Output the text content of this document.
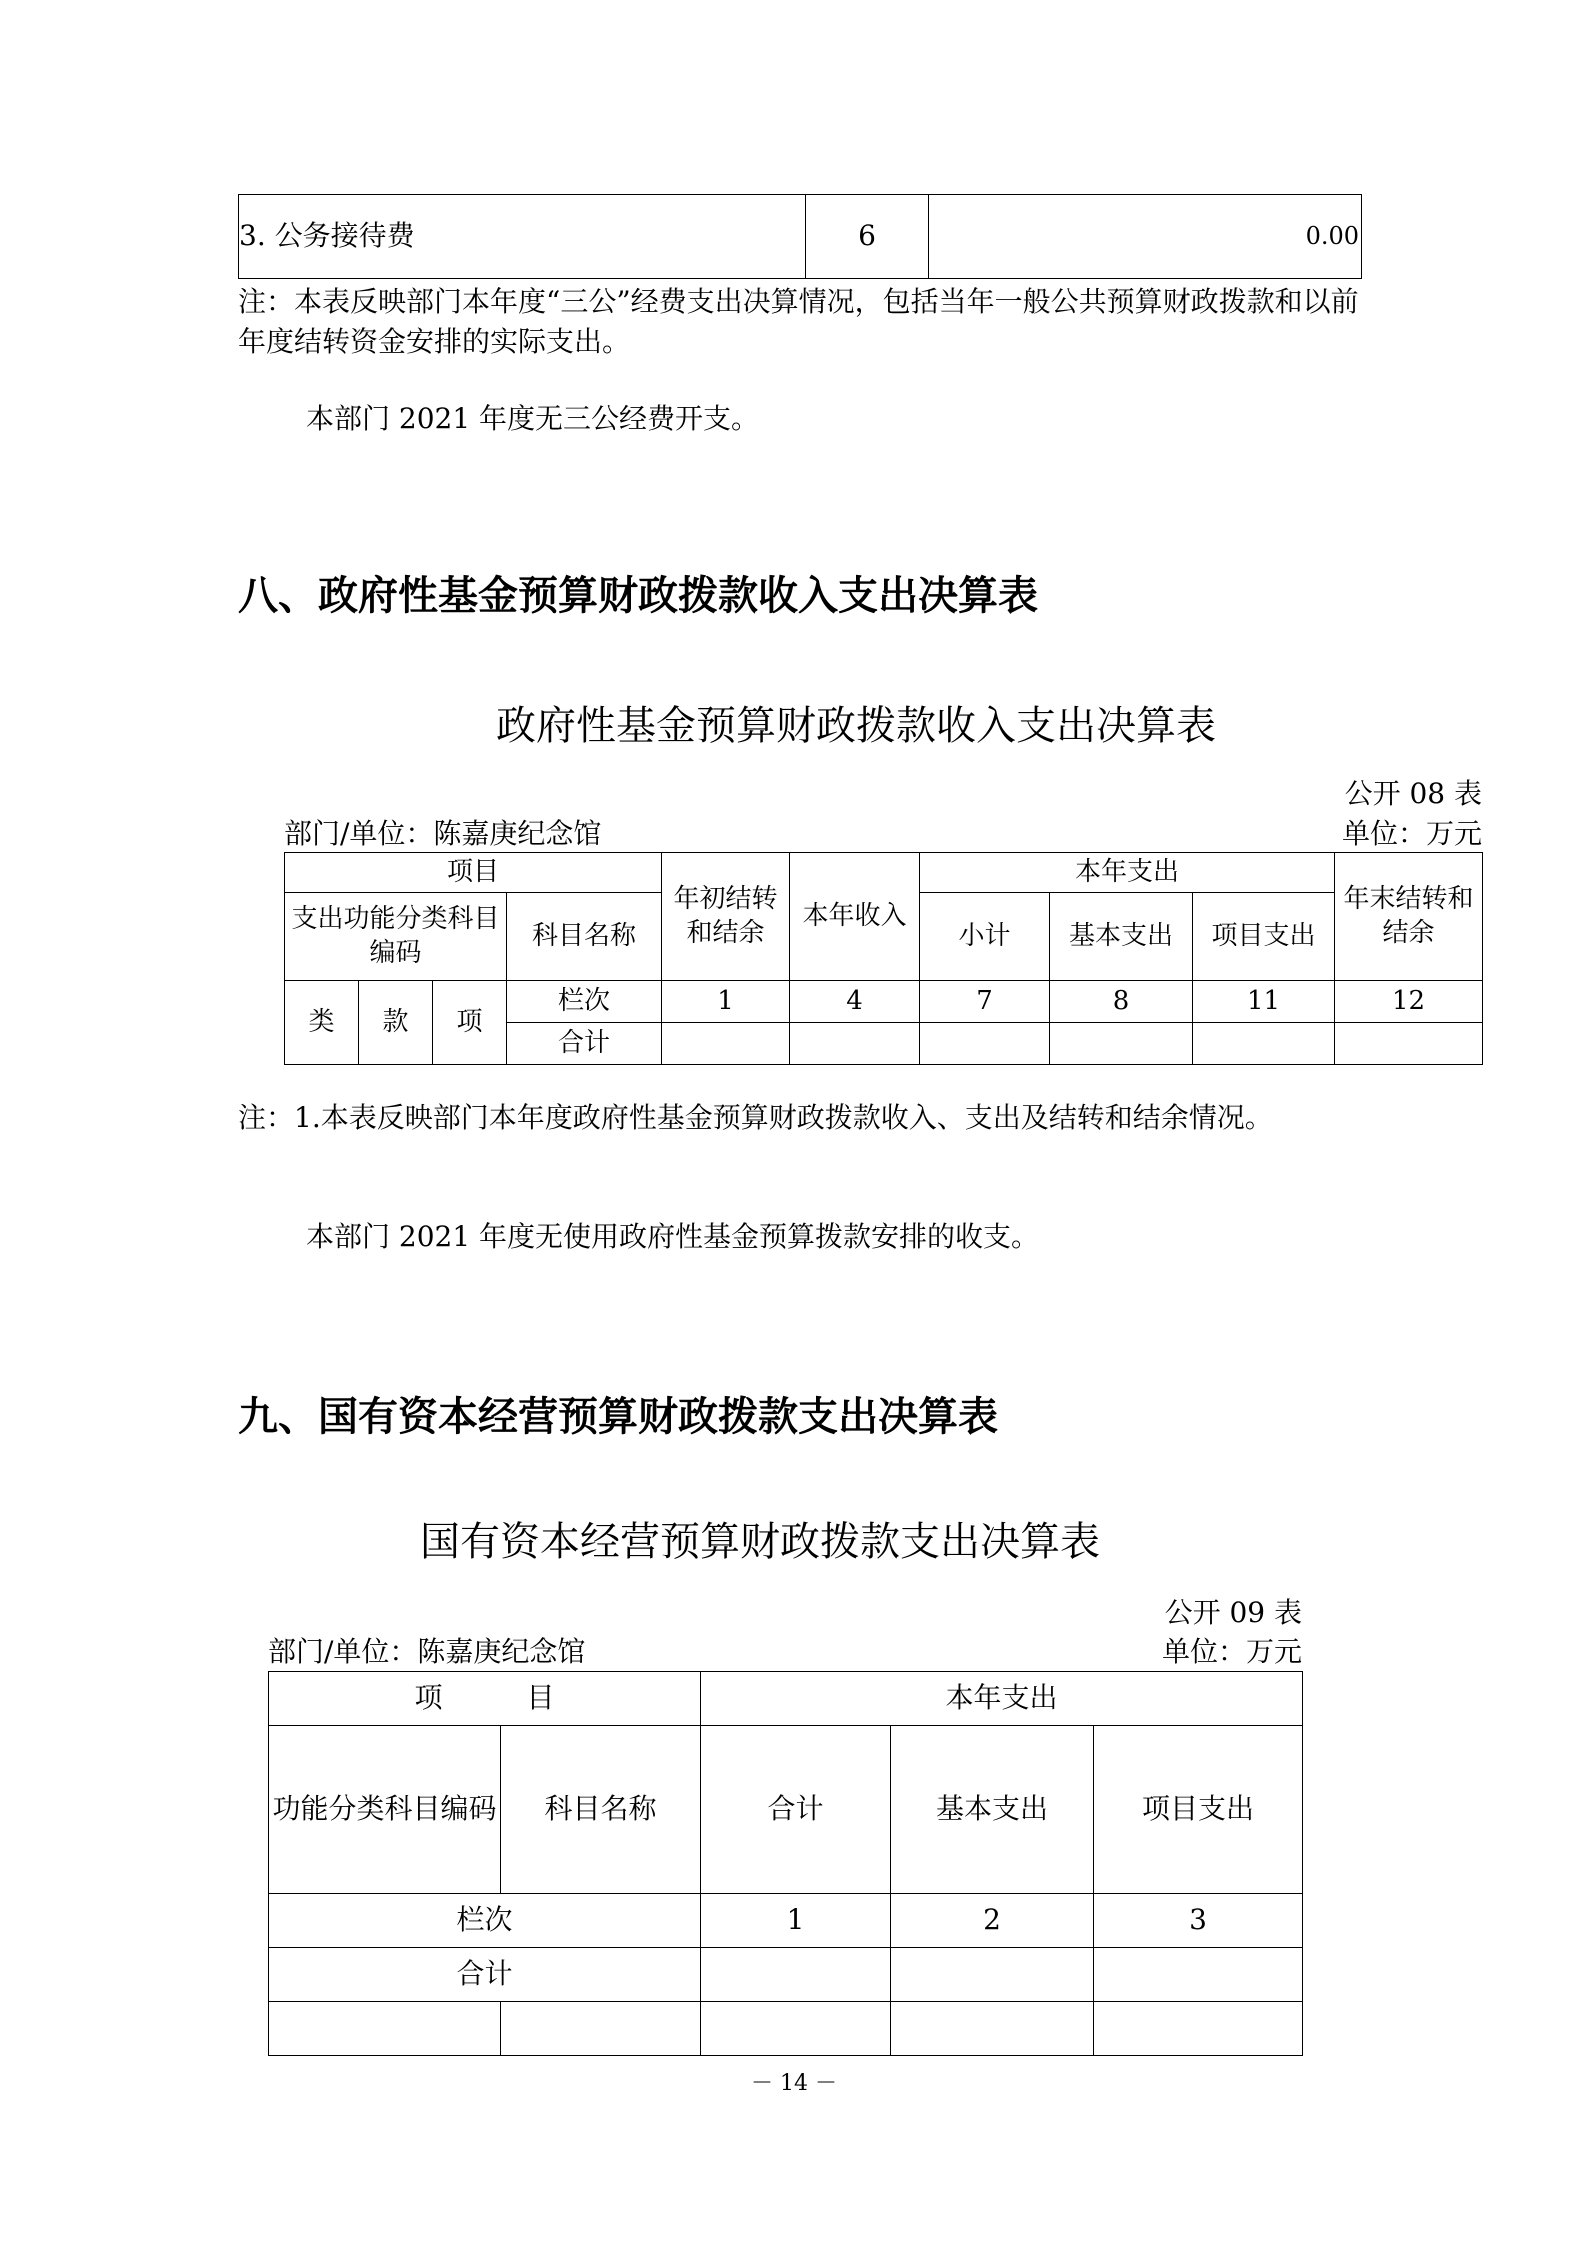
3. 公务接待费	6	0.00
注：本表反映部门本年度“三公”经费支出决算情况，包括当年一般公共预算财政拨款和以前年度结转资金安排的实际支出。
本部门 2021 年度无三公经费开支。
八、政府性基金预算财政拨款收入支出决算表
政府性基金预算财政拨款收入支出决算表
公开 08 表
部门/单位：陈嘉庚纪念馆	单位：万元
项目				年初结转和结余	本年收入	本年支出			年末结转和结余
支出功能分类科目编码			科目名称			小计	基本支出	项目支出	
类	款	项	栏次	1	4	7	8	11	12
			合计						
注：1.本表反映部门本年度政府性基金预算财政拨款收入、支出及结转和结余情况。
本部门 2021 年度无使用政府性基金预算拨款安排的收支。
九、国有资本经营预算财政拨款支出决算表
国有资本经营预算财政拨款支出决算表
公开 09 表
部门/单位：陈嘉庚纪念馆	单位：万元
项　　　目		本年支出		
功能分类科目编码	科目名称	合计	基本支出	项目支出
栏次		1	2	3
合计				

－ 14 －
